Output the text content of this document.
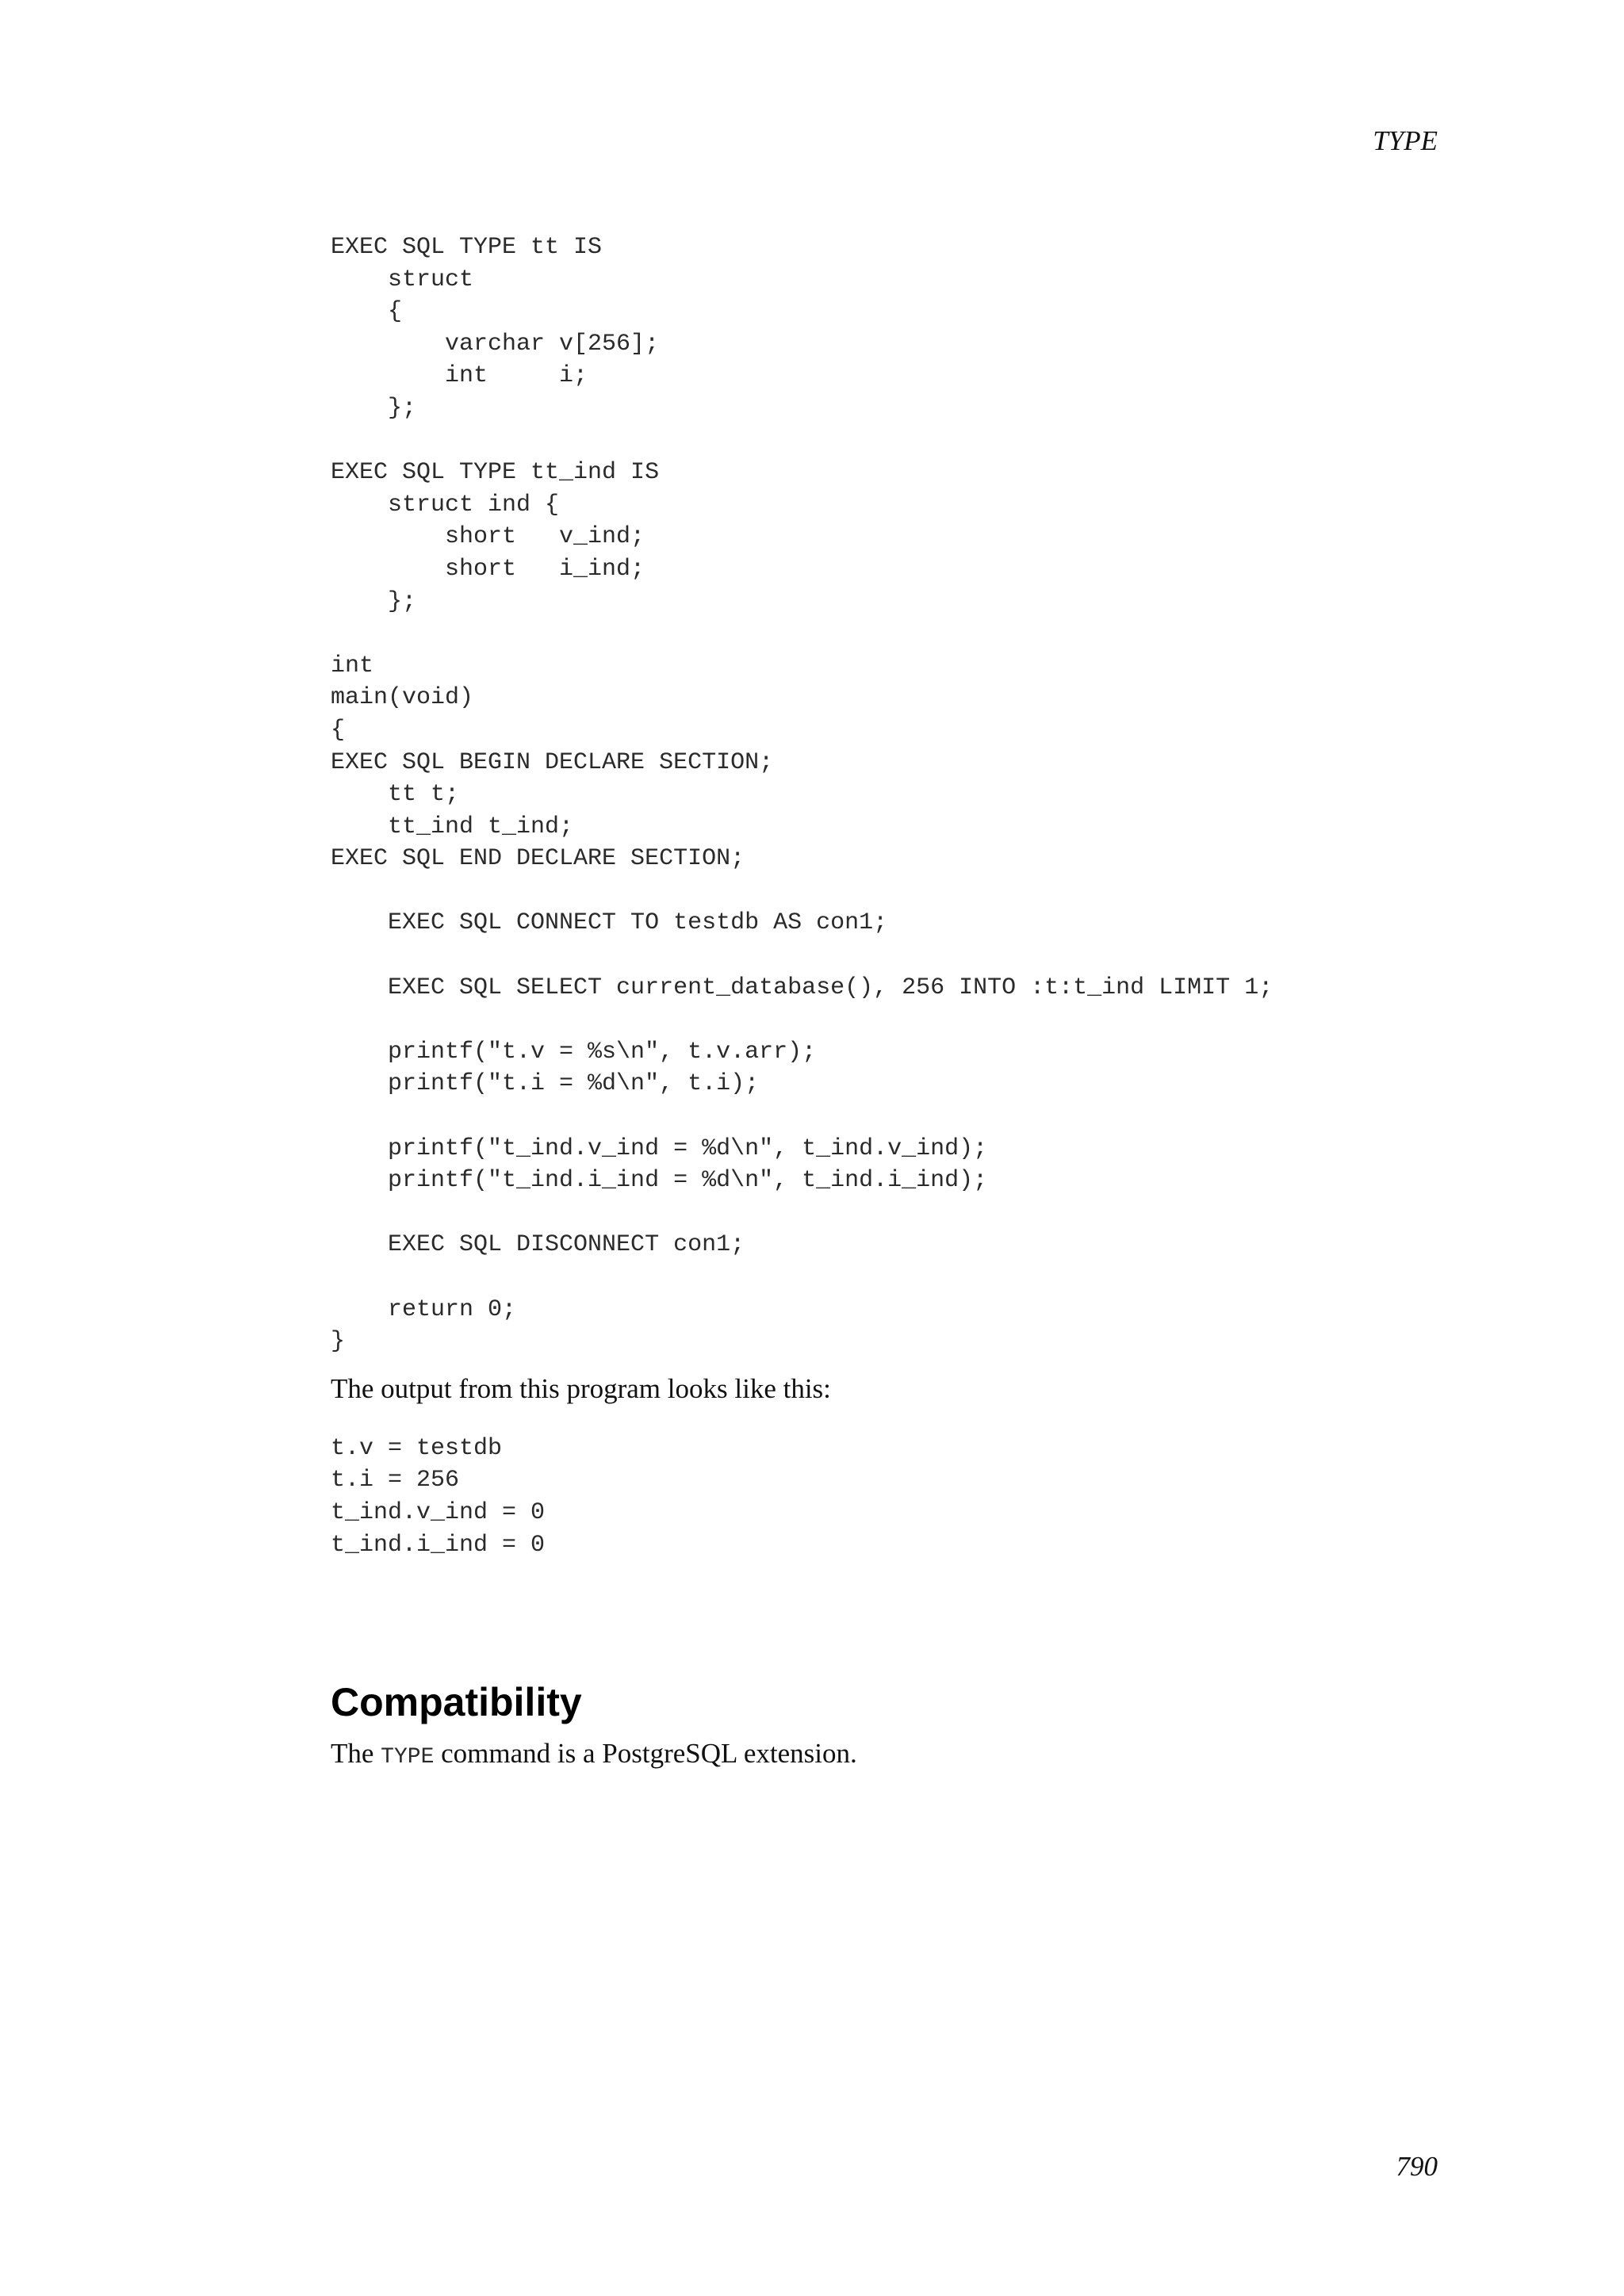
TYPE
EXEC SQL TYPE tt IS
struct
{
varchar v[256];
int     i;
};

EXEC SQL TYPE tt_ind IS
struct ind {
short   v_ind;
short   i_ind;
};

int
main(void)
{
EXEC SQL BEGIN DECLARE SECTION;
tt t;
tt_ind t_ind;
EXEC SQL END DECLARE SECTION;

EXEC SQL CONNECT TO testdb AS con1;

EXEC SQL SELECT current_database(), 256 INTO :t:t_ind LIMIT 1;

printf("t.v = %s\n", t.v.arr);
printf("t.i = %d\n", t.i);

printf("t_ind.v_ind = %d\n", t_ind.v_ind);
printf("t_ind.i_ind = %d\n", t_ind.i_ind);

EXEC SQL DISCONNECT con1;

return 0;
}

The output from this program looks like this:

t.v = testdb
t.i = 256
t_ind.v_ind = 0
t_ind.i_ind = 0
Compatibility

The TYPE command is a PostgreSQL extension.

790
